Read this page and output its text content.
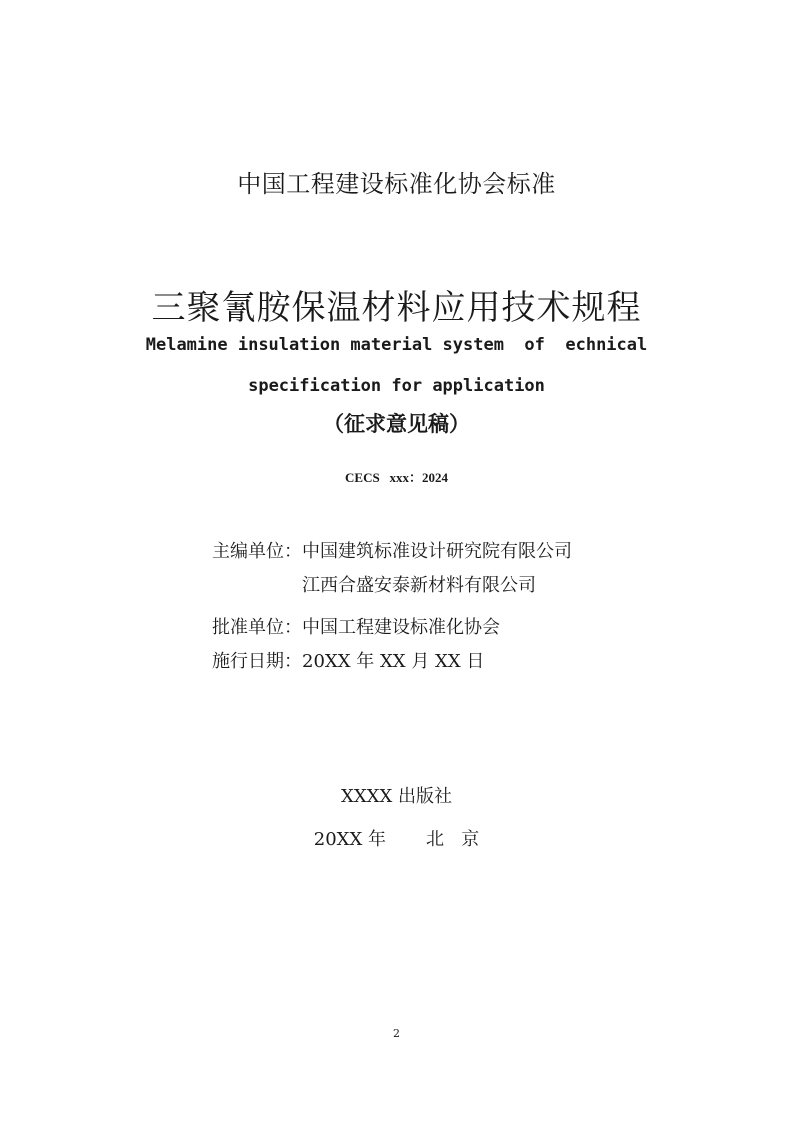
中国工程建设标准化协会标准
三聚氰胺保温材料应用技术规程
Melamine insulation material system  of  echnical
specification for application
（征求意见稿）
CECS   xxx：2024
主编单位： 中国建筑标准设计研究院有限公司
江西合盛安泰新材料有限公司
批准单位： 中国工程建设标准化协会
施行日期： 20XX 年 XX 月 XX 日
XXXX 出版社
20XX 年       北   京
2
